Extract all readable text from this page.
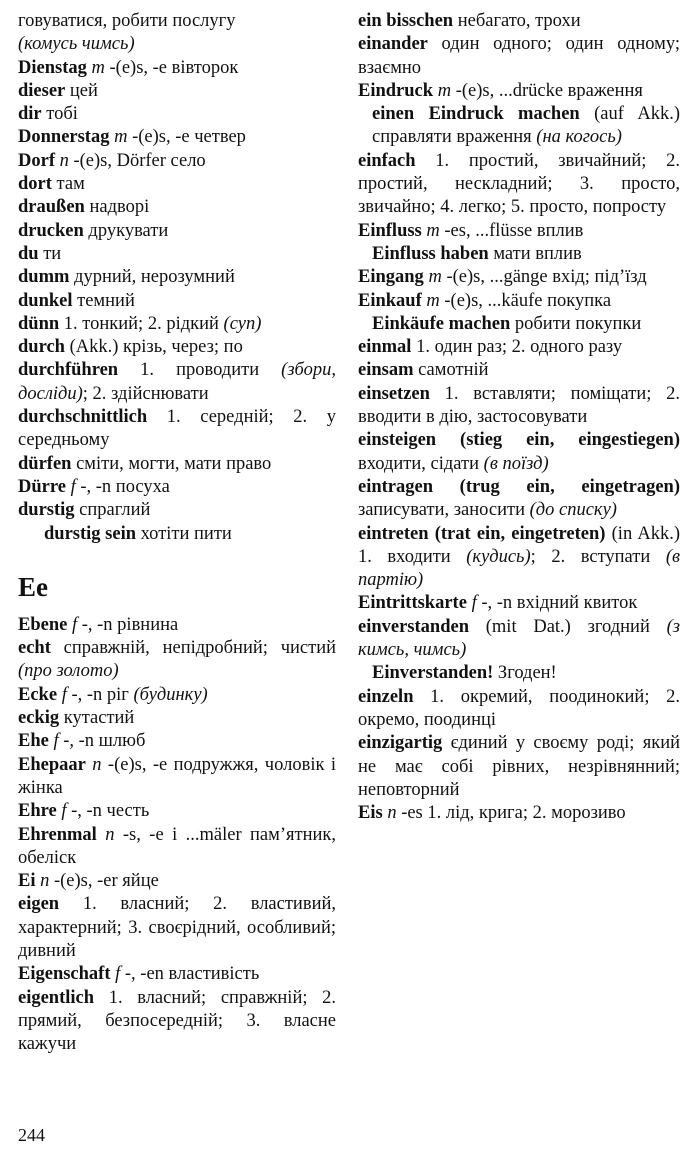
говуватися, робити послугу
(комусь чимсь)
Dienstag m -(e)s, -e вівторок
dieser цей
dir тобі
Donnerstag m -(e)s, -e четвер
Dorf n -(e)s, Dörfer село
dort там
draußen надворі
drucken друкувати
du ти
dumm дурний, нерозумний
dunkel темний
dünn 1. тонкий; 2. рідкий (суп)
durch (Akk.) крізь, через; по
durchführen 1. проводити (збори, досліди); 2. здійснювати
durchschnittlich 1. середній; 2. у середньому
dürfen сміти, могти, мати право
Dürre f -, -n посуха
durstig спраглий
durstig sein хотіти пити
Ee
Ebene f -, -n рівнина
echt справжній, непідробний; чистий (про золото)
Ecke f -, -n ріг (будинку)
eckig кутастий
Ehe f -, -n шлюб
Ehepaar n -(e)s, -e подружжя, чоловік і жінка
Ehre f -, -n честь
Ehrenmal n -s, -e i ...mäler пам’ятник, обеліск
Ei n -(e)s, -er яйце
eigen 1. власний; 2. властивий, характерний; 3. своєрідний, особливий; дивний
Eigenschaft f -, -en властивість
eigentlich 1. власний; справжній; 2. прямий, безпосередній; 3. власне кажучи
ein bisschen небагато, трохи
einander один одного; один одному; взаємно
Eindruck m -(e)s, ...drücke враження
einen Eindruck machen (auf Akk.) справляти враження (на когось)
einfach 1. простий, звичайний; 2. простий, нескладний; 3. просто, звичайно; 4. легко; 5. просто, попросту
Einfluss m -es, ...flüsse вплив
Einfluss haben мати вплив
Eingang m -(e)s, ...gänge вхід; під’їзд
Einkauf m -(e)s, ...käufe покупка
Einkäufe machen робити покупки
einmal 1. один раз; 2. одного разу
einsam самотній
einsetzen 1. вставляти; поміщати; 2. вводити в дію, застосовувати
einsteigen (stieg ein, eingestiegen) входити, сідати (в поїзд)
eintragen (trug ein, eingetragen) записувати, заносити (до списку)
eintreten (trat ein, eingetreten) (in Akk.) 1. входити (кудись); 2. вступати (в партію)
Eintrittskarte f -, -n вхідний квиток
einverstanden (mit Dat.) згодний (з кимсь, чимсь)
Einverstanden! Згоден!
einzeln 1. окремий, поодинокий; 2. окремо, поодинці
einzigartig єдиний у своєму роді; який не має собі рівних, незрівнянний; неповторний
Eis n -es 1. лід, крига; 2. морозиво
244
